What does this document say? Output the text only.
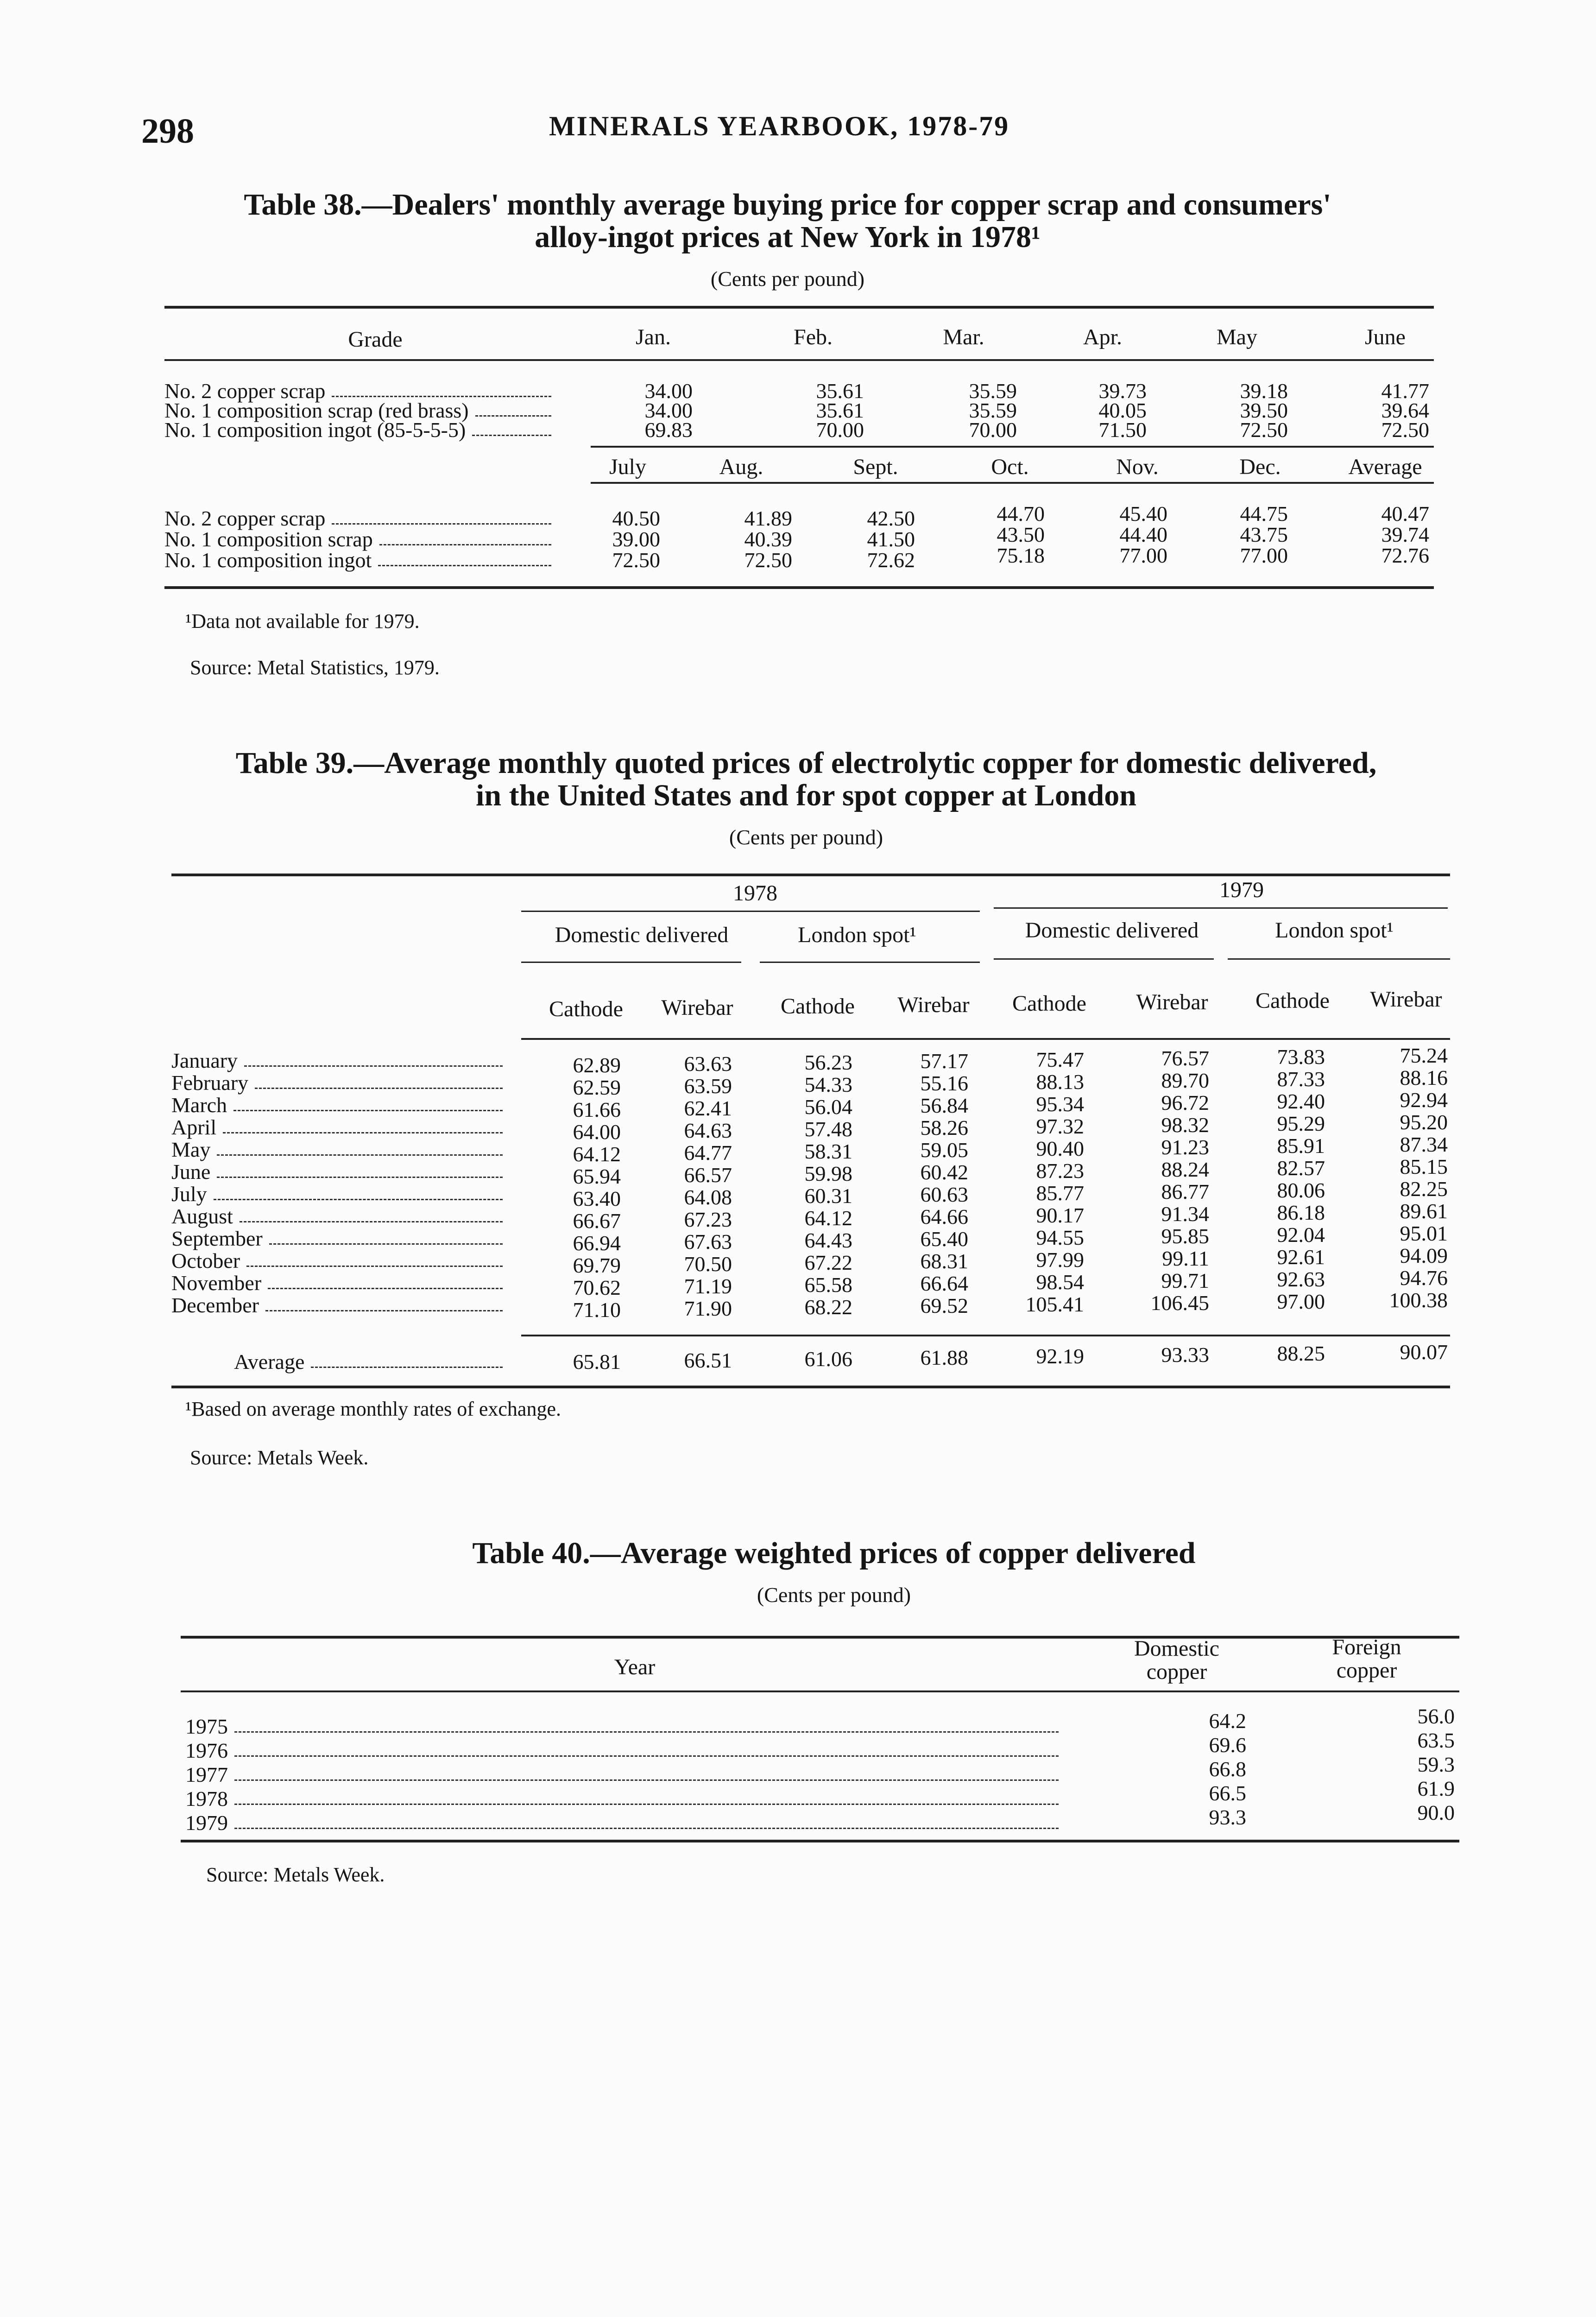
298	MINERALS YEARBOOK, 1978-79
Table 38.—Dealers' monthly average buying price for copper scrap and consumers'
alloy-ingot prices at New York in 1978¹
(Cents per pound)
Grade	Jan.	Feb.	Mar.	Apr.	May	June
No. 2 copper scrap	34.00	35.61	35.59	39.73	39.18	41.77
No. 1 composition scrap (red brass)	34.00	35.61	35.59	40.05	39.50	39.64
No. 1 composition ingot (85-5-5-5)	69.83	70.00	70.00	71.50	72.50	72.50
July	Aug.	Sept.	Oct.	Nov.	Dec.	Average
No. 2 copper scrap	40.50	41.89	42.50	44.70	45.40	44.75	40.47
No. 1 composition scrap	39.00	40.39	41.50	43.50	44.40	43.75	39.74
No. 1 composition ingot	72.50	72.50	72.62	75.18	77.00	77.00	72.76
¹Data not available for 1979.
Source: Metal Statistics, 1979.
Table 39.—Average monthly quoted prices of electrolytic copper for domestic delivered,
in the United States and for spot copper at London
(Cents per pound)
1978	1979
Domestic delivered	London spot¹	Domestic delivered	London spot¹
Cathode	Wirebar	Cathode	Wirebar	Cathode	Wirebar	Cathode	Wirebar
January	62.89	63.63	56.23	57.17	75.47	76.57	73.83	75.24
February	62.59	63.59	54.33	55.16	88.13	89.70	87.33	88.16
March	61.66	62.41	56.04	56.84	95.34	96.72	92.40	92.94
April	64.00	64.63	57.48	58.26	97.32	98.32	95.29	95.20
May	64.12	64.77	58.31	59.05	90.40	91.23	85.91	87.34
June	65.94	66.57	59.98	60.42	87.23	88.24	82.57	85.15
July	63.40	64.08	60.31	60.63	85.77	86.77	80.06	82.25
August	66.67	67.23	64.12	64.66	90.17	91.34	86.18	89.61
September	66.94	67.63	64.43	65.40	94.55	95.85	92.04	95.01
October	69.79	70.50	67.22	68.31	97.99	99.11	92.61	94.09
November	70.62	71.19	65.58	66.64	98.54	99.71	92.63	94.76
December	71.10	71.90	68.22	69.52	105.41	106.45	97.00	100.38
Average	65.81	66.51	61.06	61.88	92.19	93.33	88.25	90.07
¹Based on average monthly rates of exchange.
Source: Metals Week.
Table 40.—Average weighted prices of copper delivered
(Cents per pound)
Year
Domestic
copper
Foreign
copper
1975	64.2	56.0
1976	69.6	63.5
1977	66.8	59.3
1978	66.5	61.9
1979	93.3	90.0
Source: Metals Week.
